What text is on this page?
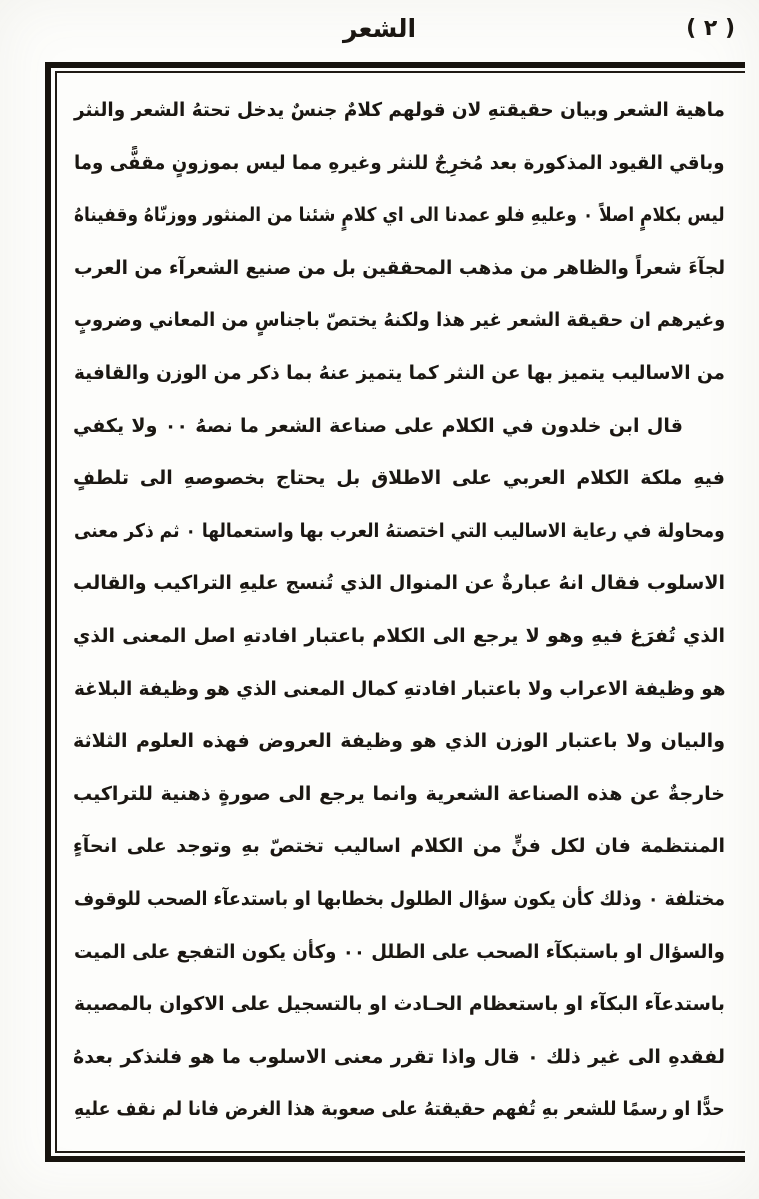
الشعر	( ٢ )
ماهية الشعر وبيان حقيقتهِ لان قولهم كلامٌ جنسٌ يدخل تحتهُ الشعر والنثر
وباقي القيود المذكورة بعد مُخرِجٌ للنثر وغيرهِ مما ليس بموزونٍ مقفًّى وما
ليس بكلامٍ اصلاً ٠ وعليهِ فلو عمدنا الى اي كلامٍ شئنا من المنثور ووزنّاهُ وقفيناهُ
لجآءَ شعراً والظاهر من مذهب المحققين بل من صنيع الشعرآء من العرب
وغيرهم ان حقيقة الشعر غير هذا ولكنهُ يختصّ باجناسٍ من المعاني وضروبٍ
من الاساليب يتميز بها عن النثر كما يتميز عنهُ بما ذكر من الوزن والقافية
قال ابن خلدون في الكلام على صناعة الشعر ما نصهُ ٠٠ ولا يكفي
فيهِ ملكة الكلام العربي على الاطلاق بل يحتاج بخصوصهِ الى تلطفٍ
ومحاولة في رعاية الاساليب التي اختصتهُ العرب بها واستعمالها ٠ ثم ذكر معنى
الاسلوب فقال انهُ عبارةٌ عن المنوال الذي تُنسج عليهِ التراكيب والقالب
الذي تُفرَغ فيهِ وهو لا يرجع الى الكلام باعتبار افادتهِ اصل المعنى الذي
هو وظيفة الاعراب ولا باعتبار افادتهِ كمال المعنى الذي هو وظيفة البلاغة
والبيان ولا باعتبار الوزن الذي هو وظيفة العروض فهذه العلوم الثلاثة
خارجةٌ عن هذه الصناعة الشعرية وانما يرجع الى صورةٍ ذهنية للتراكيب
المنتظمة فان لكل فنٍّ من الكلام اساليب تختصّ بهِ وتوجد على انحآءٍ
مختلفة ٠ وذلك كأن يكون سؤال الطلول بخطابها او باستدعآء الصحب للوقوف
والسؤال او باستبكآء الصحب على الطلل ٠٠ وكأن يكون التفجع على الميت
باستدعآء البكآء او باستعظام الحـادث او بالتسجيل على الاكوان بالمصيبة
لفقدهِ الى غير ذلك ٠ قال واذا تقرر معنى الاسلوب ما هو فلنذكر بعدهُ
حدًّا او رسمًا للشعر بهِ تُفهم حقيقتهُ على صعوبة هذا الغرض فانا لم نقف عليهِ
